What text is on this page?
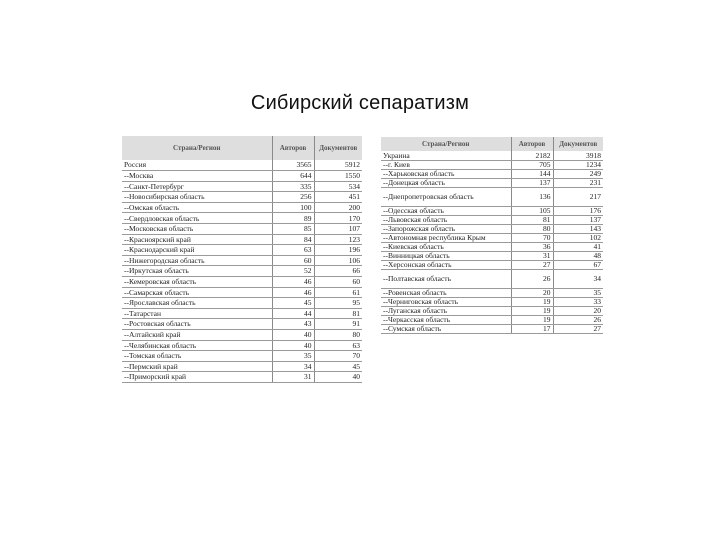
Сибирский сепаратизм
Страна/Регион	Авторов	Документов
Россия	3565	5912
--Москва	644	1550
--Санкт-Петербург	335	534
--Новосибирская область	256	451
--Омская область	100	200
--Свердловская область	89	170
--Московская область	85	107
--Красноярский край	84	123
--Краснодарский край	63	196
--Нижегородская область	60	106
--Иркутская область	52	66
--Кемеровская область	46	60
--Самарская область	46	61
--Ярославская область	45	95
--Татарстан	44	81
--Ростовская область	43	91
--Алтайский край	40	80
--Челябинская область	40	63
--Томская область	35	70
--Пермский край	34	45
--Приморский край	31	40
Страна/Регион	Авторов	Документов
Украина	2182	3918
--г. Киев	705	1234
--Харьковская область	144	249
--Донецкая область	137	231
--Днепропетровская область	136	217
--Одесская область	105	176
--Львовская область	81	137
--Запорожская область	80	143
--Автономная республика Крым	70	102
--Киевская область	36	41
--Винницкая область	31	48
--Херсонская область	27	67
--Полтавская область	26	34
--Ровенская область	20	35
--Черниговская область	19	33
--Луганская область	19	20
--Черкасская область	19	26
--Сумская область	17	27
